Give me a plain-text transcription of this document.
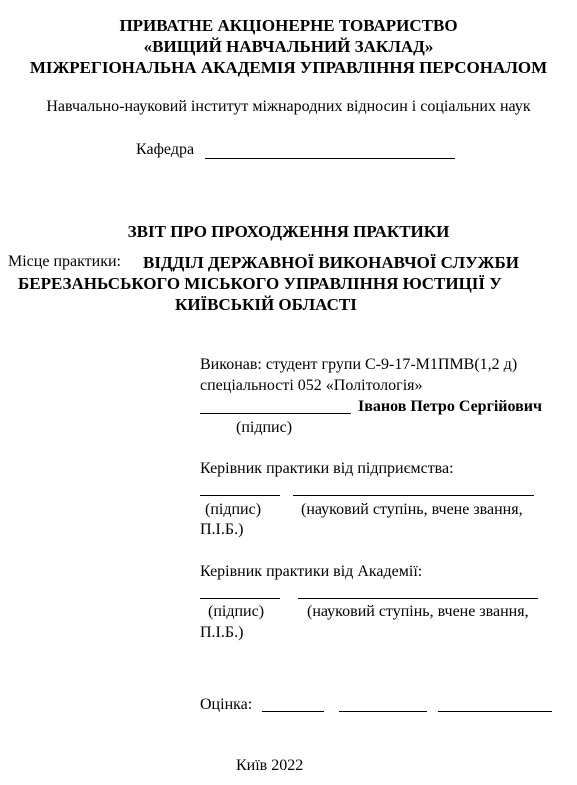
ПРИВАТНЕ АКЦІОНЕРНЕ ТОВАРИСТВО
«ВИЩИЙ НАВЧАЛЬНИЙ ЗАКЛАД»
МІЖРЕГІОНАЛЬНА АКАДЕМІЯ УПРАВЛІННЯ ПЕРСОНАЛОМ
Навчально-науковий інститут міжнародних відносин і соціальних наук
Кафедра
ЗВІТ ПРО ПРОХОДЖЕННЯ ПРАКТИКИ
Місце практики: ВІДДІЛ ДЕРЖАВНОЇ ВИКОНАВЧОЇ СЛУЖБИ
БЕРЕЗАНЬСЬКОГО МІСЬКОГО УПРАВЛІННЯ ЮСТИЦІЇ У
КИЇВСЬКІЙ ОБЛАСТІ
Виконав: студент групи С-9-17-М1ПМВ(1,2 д)
спеціальності 052 «Політологія»
Іванов Петро Сергійович
(підпис)
Керівник практики від підприємства:
(підпис) (науковий ступінь, вчене звання,
П.І.Б.)
Керівник практики від Академії:
(підпис)	(науковий ступінь, вчене звання,
П.І.Б.)
Оцінка:
Київ 2022
